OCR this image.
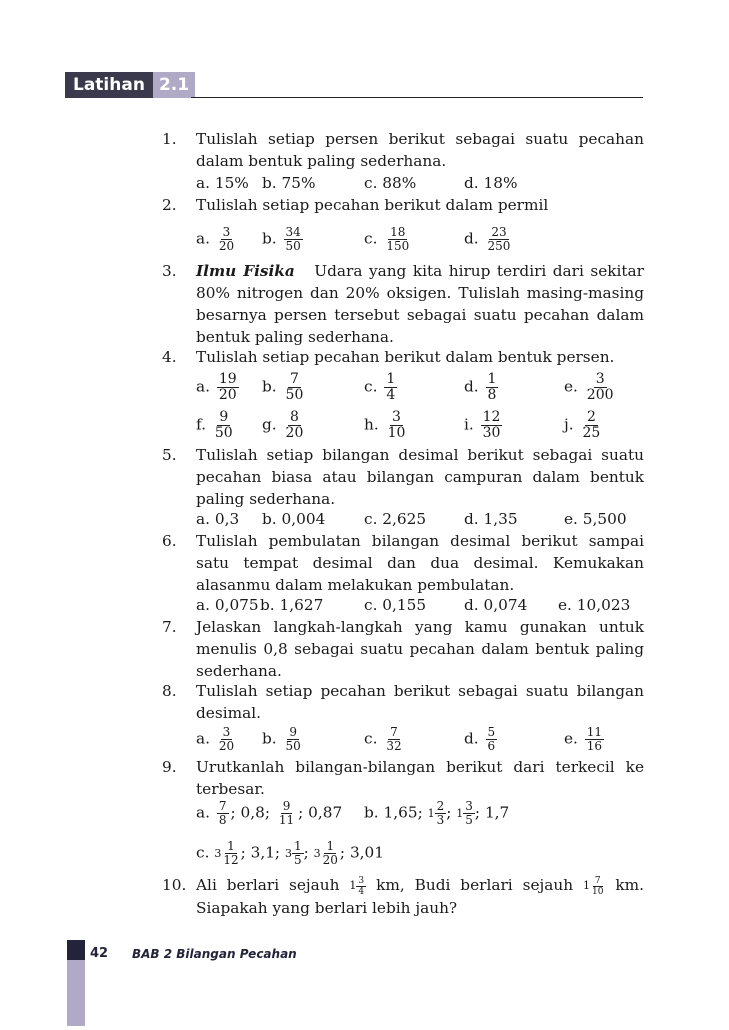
Latihan 2.1
1. Tulislah setiap persen berikut sebagai suatu pecahan dalam bentuk paling sederhana.
a. 15% b. 75%	c. 88%	d. 18%
2. Tulislah setiap pecahan berikut dalam permil
a. $\frac{3}{20} b$. $\frac{34}{50}$	c. $\frac{18}{150}$	d. $\frac{23}{250}$
3. Ilmu Fisika Udara yang kita hirup terdiri dari sekitar 80% nitrogen dan 20% oksigen. Tulislah masing-masing besarnya persen tersebut sebagai suatu pecahan dalam bentuk paling sederhana.
4. Tulislah setiap pecahan berikut dalam bentuk persen.
a. $\frac{19}{20} b$. $\frac{7}{50}$	c. $\frac{1}{4}$	d. $\frac{1}{8}$	e. $\frac{3}{200}$
f. $\frac{9}{50} g$. $\frac{8}{20}$	h. $\frac{3}{10}$	i. $\frac{12}{30}$	j. $\frac{2}{25}$
5. Tulislah setiap bilangan desimal berikut sebagai suatu pecahan biasa atau bilangan campuran dalam bentuk paling sederhana.
a. 0,3 b. 0,004	c. 2,625 d. 1,35	e. 5,500
6. Tulislah pembulatan bilangan desimal berikut sampai satu tempat desimal dan dua desimal. Kemukakan alasanmu dalam melakukan pembulatan.
a. 0,075 b. 1,627	c. 0,155 d. 0,074 e. 10,023
7. Jelaskan langkah-langkah yang kamu gunakan untuk menulis 0,8 sebagai suatu pecahan dalam bentuk paling sederhana.
8. Tulislah setiap pecahan berikut sebagai suatu bilangan desimal.
a. $\frac{3}{20} b$. $\frac{9}{50}$	c. $\frac{7}{32}$	d. $\frac{5}{6}$	e. $\frac{11}{16}$
9. Urutkanlah bilangan-bilangan berikut dari terkecil ke terbesar.
a. $\frac{7}{8}$ ; 0,8; $\frac{9}{11}$ ; 0,87 b. 1,65; $1 \frac{2}{3}$ ; $1 \frac{3}{5}$ ; 1,7
c. $3 \frac{1}{12}$ ; 3,1; $3 \frac{1}{5}$ ; $3 \frac{1}{20}$ ; 3,01
10. Ali berlari sejauh $1 \frac{3}{4}$ km, Budi berlari sejauh $1 \frac{7}{10}$ km.
Siapakah yang berlari lebih jauh?
42 BAB 2 Bilangan Pecahan
